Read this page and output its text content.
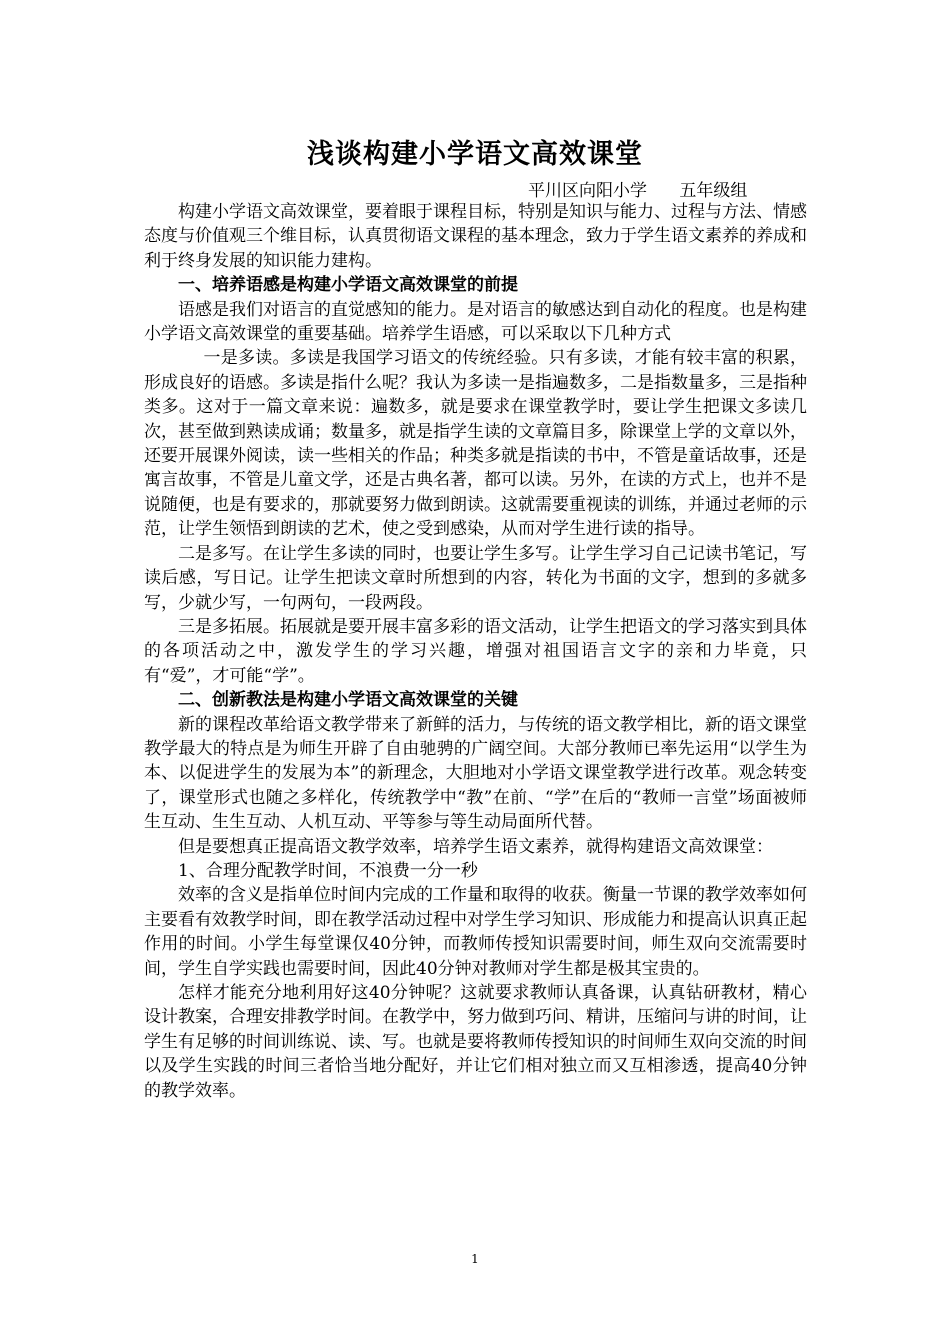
浅谈构建小学语文高效课堂
平川区向阳小学      五年级组

构建小学语文高效课堂，要着眼于课程目标，特别是知识与能力、过程与方法、情感态度与价值观三个维目标，认真贯彻语文课程的基本理念，致力于学生语文素养的养成和利于终身发展的知识能力建构。

一、培养语感是构建小学语文高效课堂的前提

语感是我们对语言的直觉感知的能力。是对语言的敏感达到自动化的程度。也是构建小学语文高效课堂的重要基础。培养学生语感，可以采取以下几种方式

一是多读。多读是我国学习语文的传统经验。只有多读，才能有较丰富的积累，形成良好的语感。多读是指什么呢？我认为多读一是指遍数多，二是指数量多，三是指种类多。这对于一篇文章来说：遍数多，就是要求在课堂教学时，要让学生把课文多读几次，甚至做到熟读成诵；数量多，就是指学生读的文章篇目多，除课堂上学的文章以外，还要开展课外阅读，读一些相关的作品；种类多就是指读的书中，不管是童话故事，还是寓言故事，不管是儿童文学，还是古典名著，都可以读。另外，在读的方式上，也并不是说随便，也是有要求的，那就要努力做到朗读。这就需要重视读的训练，并通过老师的示范，让学生领悟到朗读的艺术，使之受到感染，从而对学生进行读的指导。

二是多写。在让学生多读的同时，也要让学生多写。让学生学习自己记读书笔记，写读后感，写日记。让学生把读文章时所想到的内容，转化为书面的文字，想到的多就多写，少就少写，一句两句，一段两段。

三是多拓展。拓展就是要开展丰富多彩的语文活动，让学生把语文的学习落实到具体的各项活动之中，激发学生的学习兴趣，增强对祖国语言文字的亲和力毕竟，只有“爱”，才可能“学”。

二、创新教法是构建小学语文高效课堂的关键

新的课程改革给语文教学带来了新鲜的活力，与传统的语文教学相比，新的语文课堂教学最大的特点是为师生开辟了自由驰骋的广阔空间。大部分教师已率先运用“以学生为本、以促进学生的发展为本”的新理念，大胆地对小学语文课堂教学进行改革。观念转变了，课堂形式也随之多样化，传统教学中“教”在前、“学”在后的“教师一言堂”场面被师生互动、生生互动、人机互动、平等参与等生动局面所代替。

但是要想真正提高语文教学效率，培养学生语文素养，就得构建语文高效课堂：

1、合理分配教学时间，不浪费一分一秒

效率的含义是指单位时间内完成的工作量和取得的收获。衡量一节课的教学效率如何主要看有效教学时间，即在教学活动过程中对学生学习知识、形成能力和提高认识真正起作用的时间。小学生每堂课仅40分钟，而教师传授知识需要时间，师生双向交流需要时间，学生自学实践也需要时间，因此40分钟对教师对学生都是极其宝贵的。

怎样才能充分地利用好这40分钟呢？这就要求教师认真备课，认真钻研教材，精心设计教案，合理安排教学时间。在教学中，努力做到巧问、精讲，压缩问与讲的时间，让学生有足够的时间训练说、读、写。也就是要将教师传授知识的时间师生双向交流的时间以及学生实践的时间三者恰当地分配好，并让它们相对独立而又互相渗透，提高40分钟的教学效率。

1
